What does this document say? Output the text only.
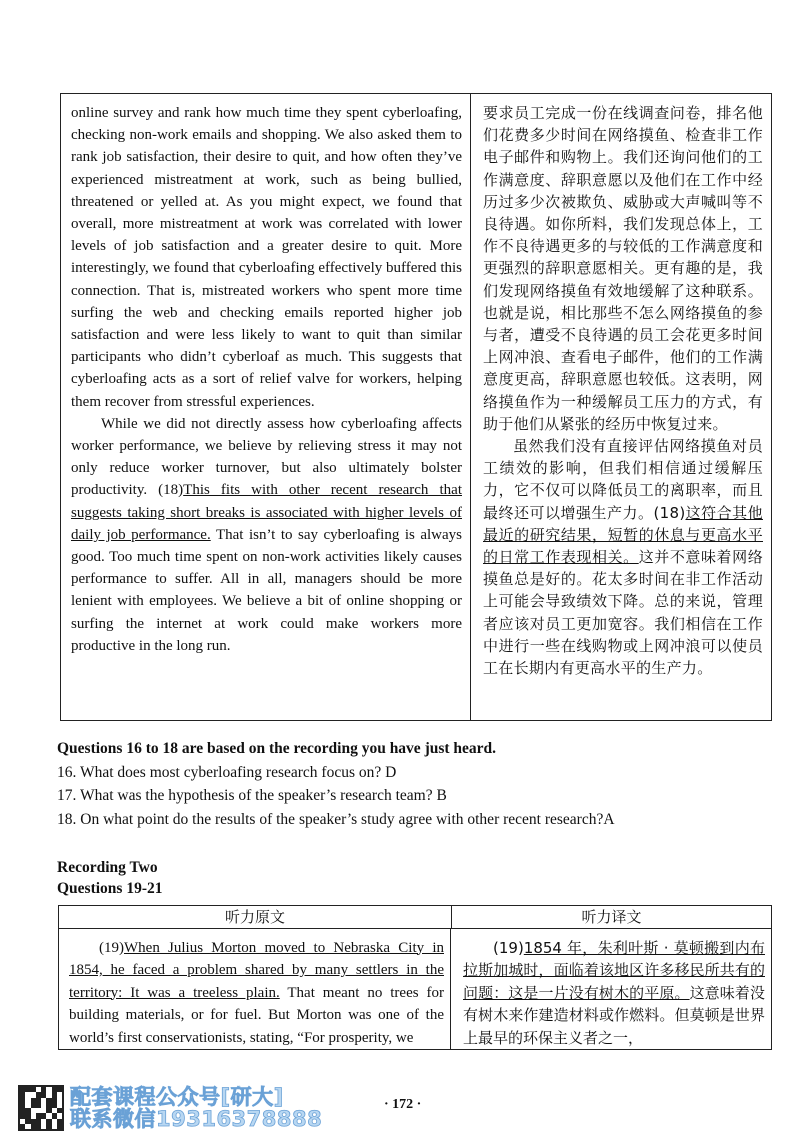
online survey and rank how much time they spent cyberloafing, checking non-work emails and shopping. We also asked them to rank job satisfaction, their desire to quit, and how often they’ve experienced mistreatment at work, such as being bullied, threatened or yelled at. As you might expect, we found that overall, more mistreatment at work was correlated with lower levels of job satisfaction and a greater desire to quit. More interestingly, we found that cyberloafing effectively buffered this connection. That is, mistreated workers who spent more time surfing the web and checking emails reported higher job satisfaction and were less likely to want to quit than similar participants who didn’t cyberloaf as much. This suggests that cyberloafing acts as a sort of relief valve for workers, helping them recover from stressful experiences.

While we did not directly assess how cyberloafing affects worker performance, we believe by relieving stress it may not only reduce worker turnover, but also ultimately bolster productivity. (18)This fits with other recent research that suggests taking short breaks is associated with higher levels of daily job performance. That isn’t to say cyberloafing is always good. Too much time spent on non-work activities likely causes performance to suffer. All in all, managers should be more lenient with employees. We believe a bit of online shopping or surfing the internet at work could make workers more productive in the long run.

要求员工完成一份在线调查问卷，排名他们花费多少时间在网络摸鱼、检查非工作电子邮件和购物上。我们还询问他们的工作满意度、辞职意愿以及他们在工作中经历过多少次被欺负、威胁或大声喊叫等不良待遇。如你所料，我们发现总体上，工作不良待遇更多的与较低的工作满意度和更强烈的辞职意愿相关。更有趣的是，我们发现网络摸鱼有效地缓解了这种联系。也就是说，相比那些不怎么网络摸鱼的参与者，遭受不良待遇的员工会花更多时间上网冲浪、查看电子邮件，他们的工作满意度更高，辞职意愿也较低。这表明，网络摸鱼作为一种缓解员工压力的方式，有助于他们从紧张的经历中恢复过来。

虽然我们没有直接评估网络摸鱼对员工绩效的影响，但我们相信通过缓解压力，它不仅可以降低员工的离职率，而且最终还可以增强生产力。(18)这符合其他最近的研究结果，短暂的休息与更高水平的日常工作表现相关。这并不意味着网络摸鱼总是好的。花太多时间在非工作活动上可能会导致绩效下降。总的来说，管理者应该对员工更加宽容。我们相信在工作中进行一些在线购物或上网冲浪可以使员工在长期内有更高水平的生产力。

Questions 16 to 18 are based on the recording you have just heard.
16. What does most cyberloafing research focus on? D
17. What was the hypothesis of the speaker’s research team? B
18. On what point do the results of the speaker’s study agree with other recent research?A
Recording Two
Questions 19-21
听力原文	听力译文

(19)When Julius Morton moved to Nebraska City in 1854, he faced a problem shared by many settlers in the territory: It was a treeless plain. That meant no trees for building materials, or for fuel. But Morton was one of the world’s first conservationists, stating, “For prosperity, we

(19)1854 年，朱利叶斯 · 莫顿搬到内布拉斯加城时，面临着该地区许多移民所共有的问题：这是一片没有树木的平原。这意味着没有树木来作建造材料或作燃料。但莫顿是世界上最早的环保主义者之一，

· 172 ·
配套课程公众号[研大]
联系微信19316378888
